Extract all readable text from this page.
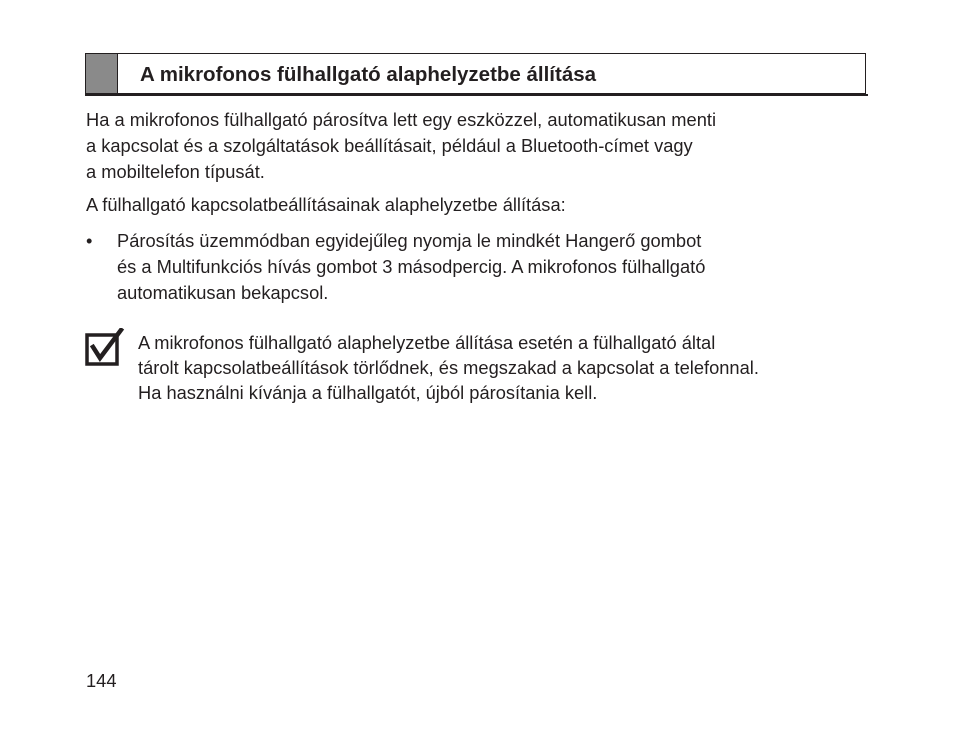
A mikrofonos fülhallgató alaphelyzetbe állítása
Ha a mikrofonos fülhallgató párosítva lett egy eszközzel, automatikusan menti
a kapcsolat és a szolgáltatások beállításait, például a Bluetooth-címet vagy
a mobiltelefon típusát.
A fülhallgató kapcsolatbeállításainak alaphelyzetbe állítása:
•	Párosítás üzemmódban egyidejűleg nyomja le mindkét Hangerő gombot
és a Multifunkciós hívás gombot 3 másodpercig. A mikrofonos fülhallgató
automatikusan bekapcsol.
A mikrofonos fülhallgató alaphelyzetbe állítása esetén a fülhallgató által
tárolt kapcsolatbeállítások törlődnek, és megszakad a kapcsolat a telefonnal.
Ha használni kívánja a fülhallgatót, újból párosítania kell.
144
